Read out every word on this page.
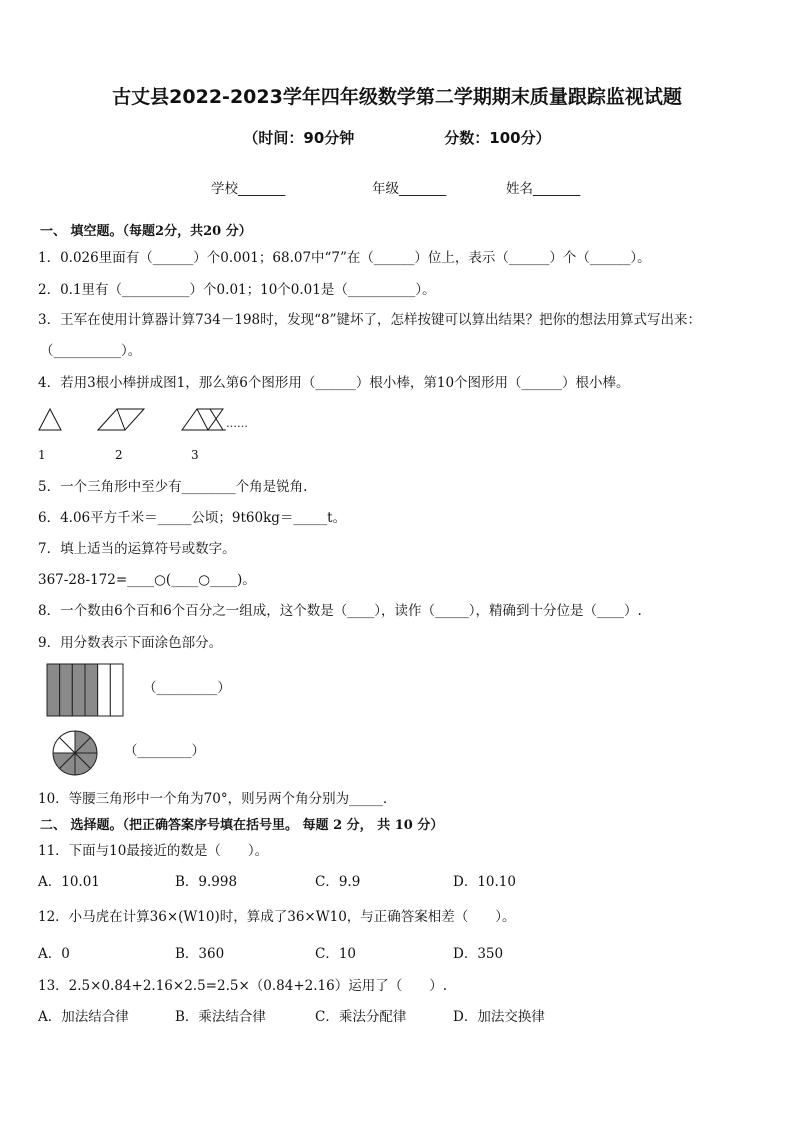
古丈县2022-2023学年四年级数学第二学期期末质量跟踪监视试题
（时间：90分钟　　　　　　分数：100分）
学校_______	年级_______	姓名_______
一、 填空题。（每题2分，共20 分）
1．0.026里面有（______）个0.001；68.07中“7”在（______）位上，表示（______）个（______）。
2．0.1里有（__________）个0.01；10个0.01是（__________）。
3．王军在使用计算器计算734－198时，发现“8”键坏了，怎样按键可以算出结果？把你的想法用算式写出来：
（__________）。
4．若用3根小棒拼成图1，那么第6个图形用（______）根小棒，第10个图形用（______）根小棒。
……
1	2	3
5．一个三角形中至少有________个角是锐角.
6．4.06平方千米＝_____公顷；9t60kg＝_____t。
7．填上适当的运算符号或数字。
367-28-172=____○(____○____)。
8．一个数由6个百和6个百分之一组成，这个数是（____），读作（_____），精确到十分位是（____）.
9．用分数表示下面涂色部分。
（_________）
（________）
10．等腰三角形中一个角为70°，则另两个角分别为_____．
二、 选择题。（把正确答案序号填在括号里。 每题 2 分， 共 10 分）
11．下面与10最接近的数是（　　）。
A．10.01	B．9.998	C．9.9	D．10.10
12．小马虎在计算36×(W10)时，算成了36×W10，与正确答案相差（　　）。
A．0	B．360	C．10	D．350
13．2.5×0.84+2.16×2.5=2.5×（0.84+2.16）运用了（　　）.
A．加法结合律	B．乘法结合律	C．乘法分配律	D．加法交换律
